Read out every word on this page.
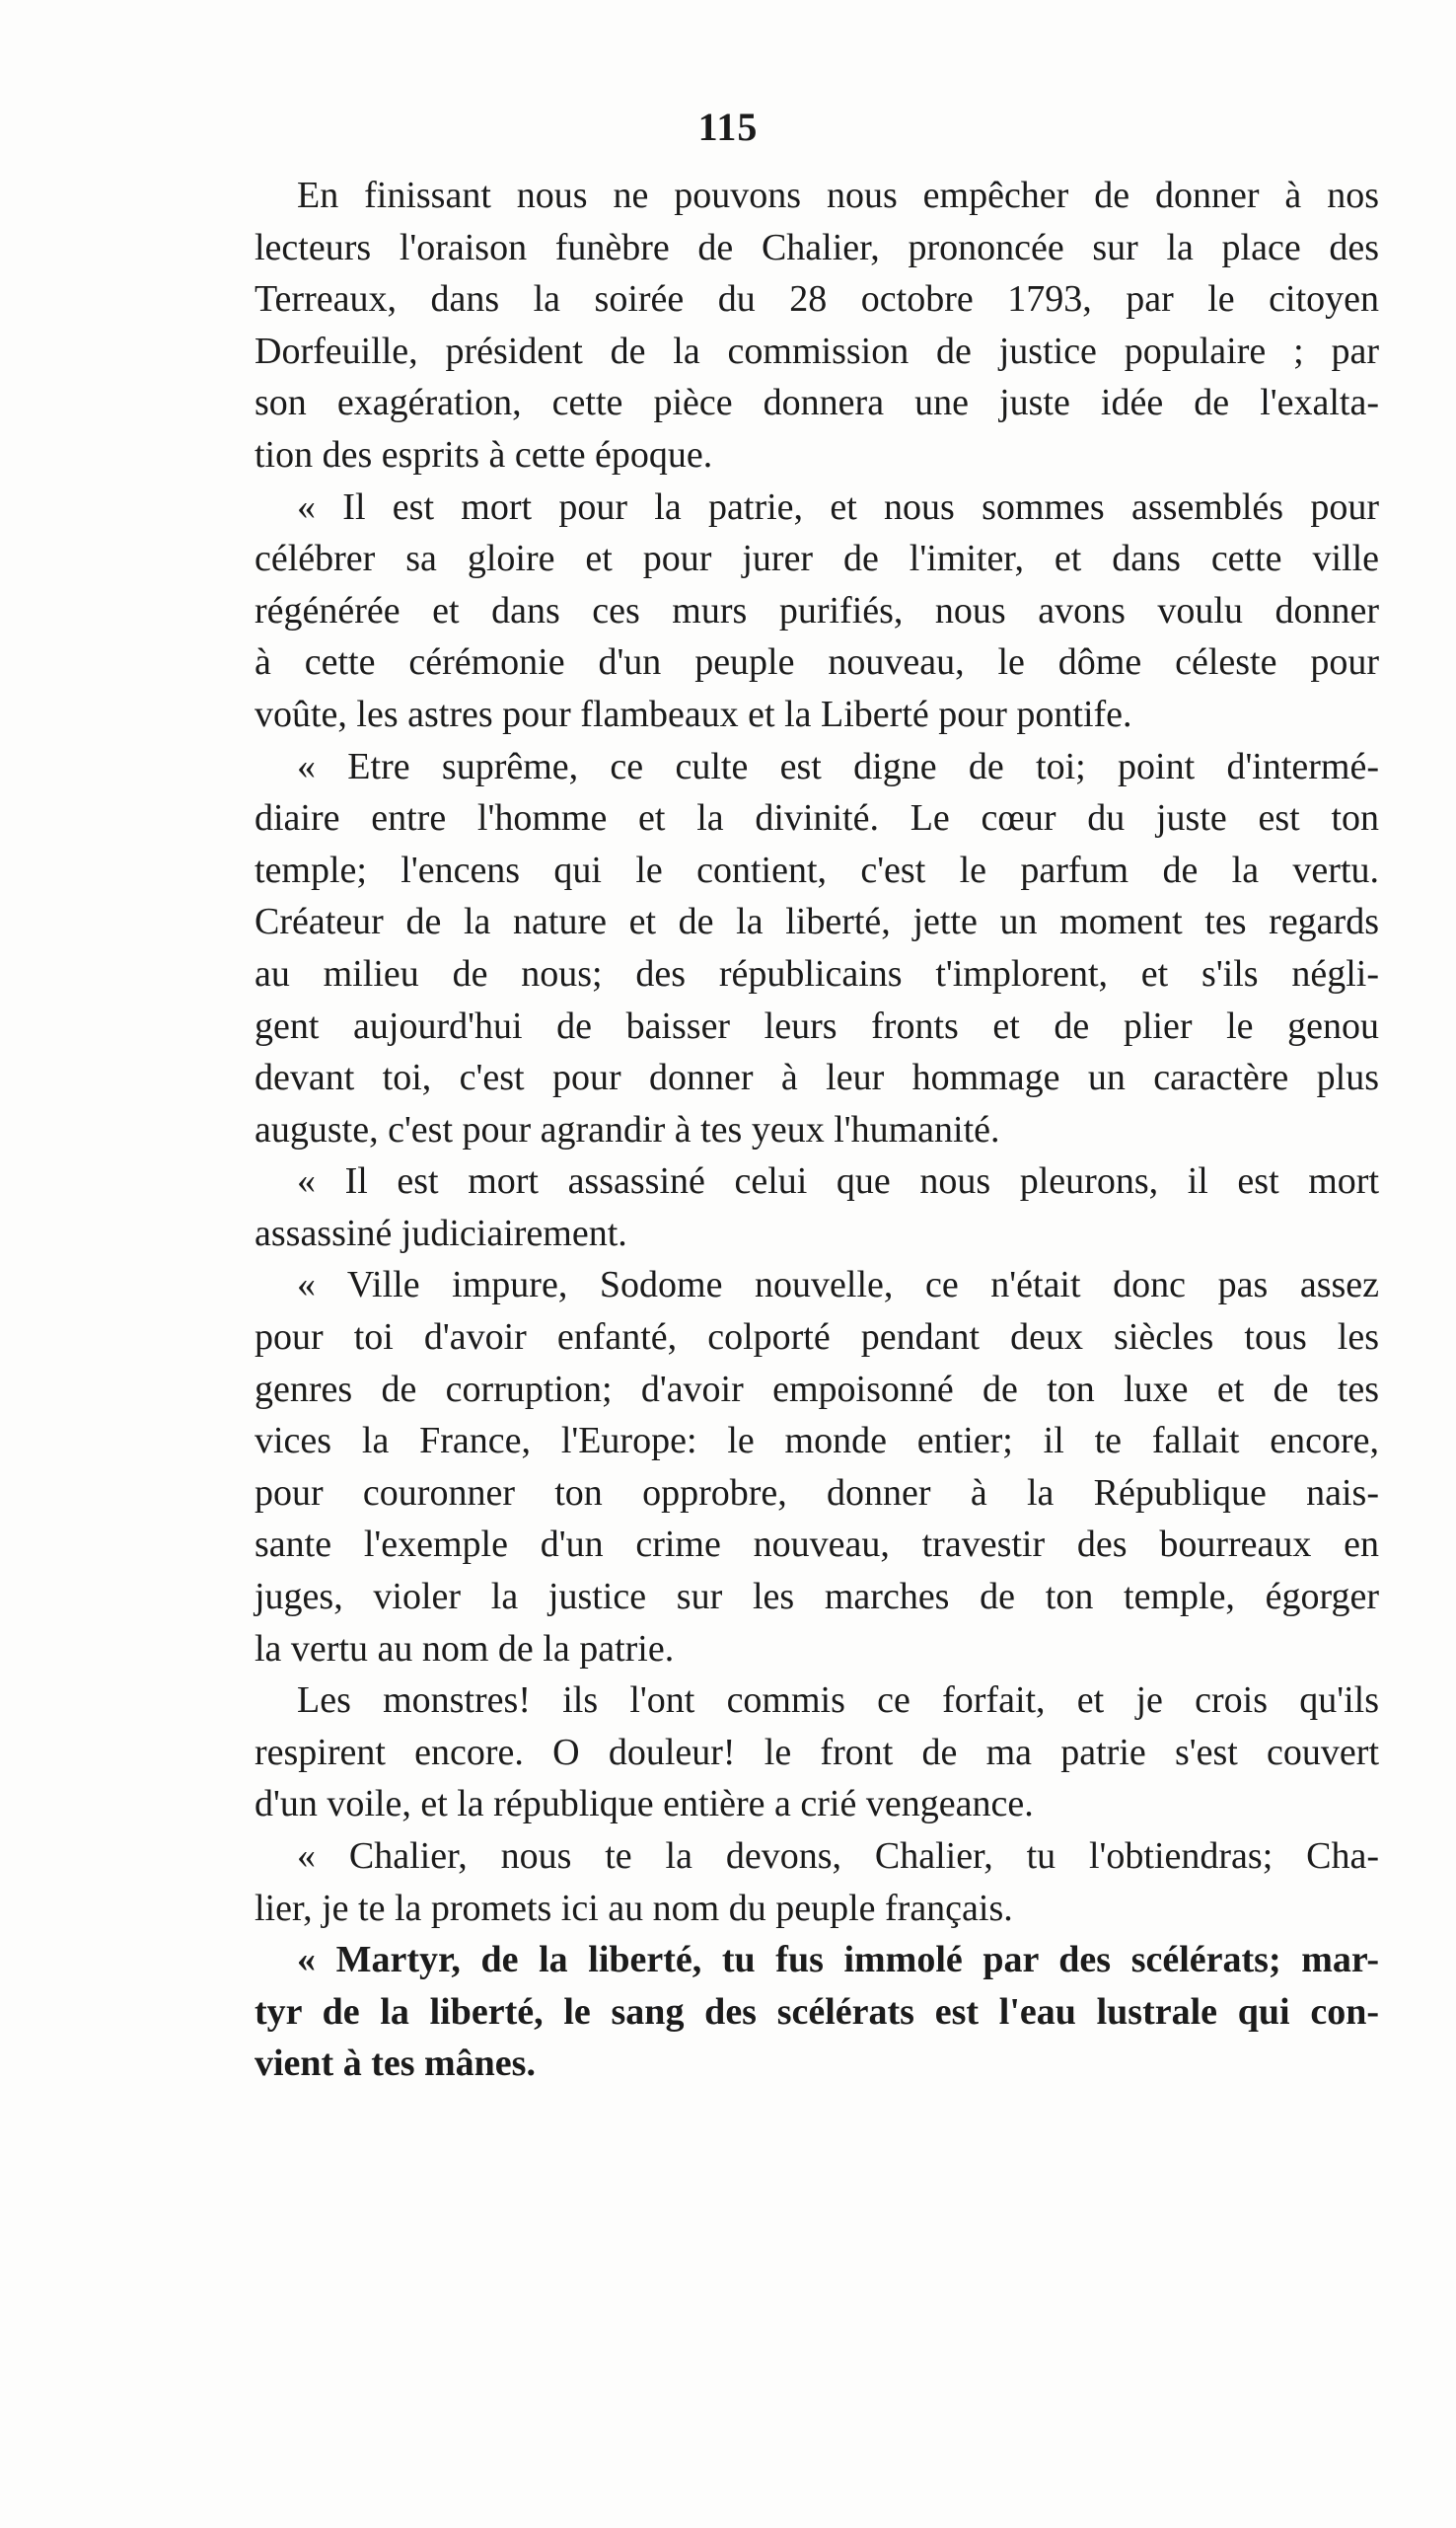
115
En finissant nous ne pouvons nous empêcher de donner à nos
lecteurs l'oraison funèbre de Chalier, prononcée sur la place des
Terreaux, dans la soirée du 28 octobre 1793, par le citoyen
Dorfeuille, président de la commission de justice populaire ; par
son exagération, cette pièce donnera une juste idée de l'exalta-
tion des esprits à cette époque.
« Il est mort pour la patrie, et nous sommes assemblés pour
célébrer sa gloire et pour jurer de l'imiter, et dans cette ville
régénérée et dans ces murs purifiés, nous avons voulu donner
à cette cérémonie d'un peuple nouveau, le dôme céleste pour
voûte, les astres pour flambeaux et la Liberté pour pontife.
« Etre suprême, ce culte est digne de toi; point d'intermé-
diaire entre l'homme et la divinité. Le cœur du juste est ton
temple; l'encens qui le contient, c'est le parfum de la vertu.
Créateur de la nature et de la liberté, jette un moment tes regards
au milieu de nous; des républicains t'implorent, et s'ils négli-
gent aujourd'hui de baisser leurs fronts et de plier le genou
devant toi, c'est pour donner à leur hommage un caractère plus
auguste, c'est pour agrandir à tes yeux l'humanité.
« Il est mort assassiné celui que nous pleurons, il est mort
assassiné judiciairement.
« Ville impure, Sodome nouvelle, ce n'était donc pas assez
pour toi d'avoir enfanté, colporté pendant deux siècles tous les
genres de corruption; d'avoir empoisonné de ton luxe et de tes
vices la France, l'Europe: le monde entier; il te fallait encore,
pour couronner ton opprobre, donner à la République nais-
sante l'exemple d'un crime nouveau, travestir des bourreaux en
juges, violer la justice sur les marches de ton temple, égorger
la vertu au nom de la patrie.
Les monstres! ils l'ont commis ce forfait, et je crois qu'ils
respirent encore. O douleur! le front de ma patrie s'est couvert
d'un voile, et la république entière a crié vengeance.
« Chalier, nous te la devons, Chalier, tu l'obtiendras; Cha-
lier, je te la promets ici au nom du peuple français.
« Martyr, de la liberté, tu fus immolé par des scélérats; mar-
tyr de la liberté, le sang des scélérats est l'eau lustrale qui con-
vient à tes mânes.
